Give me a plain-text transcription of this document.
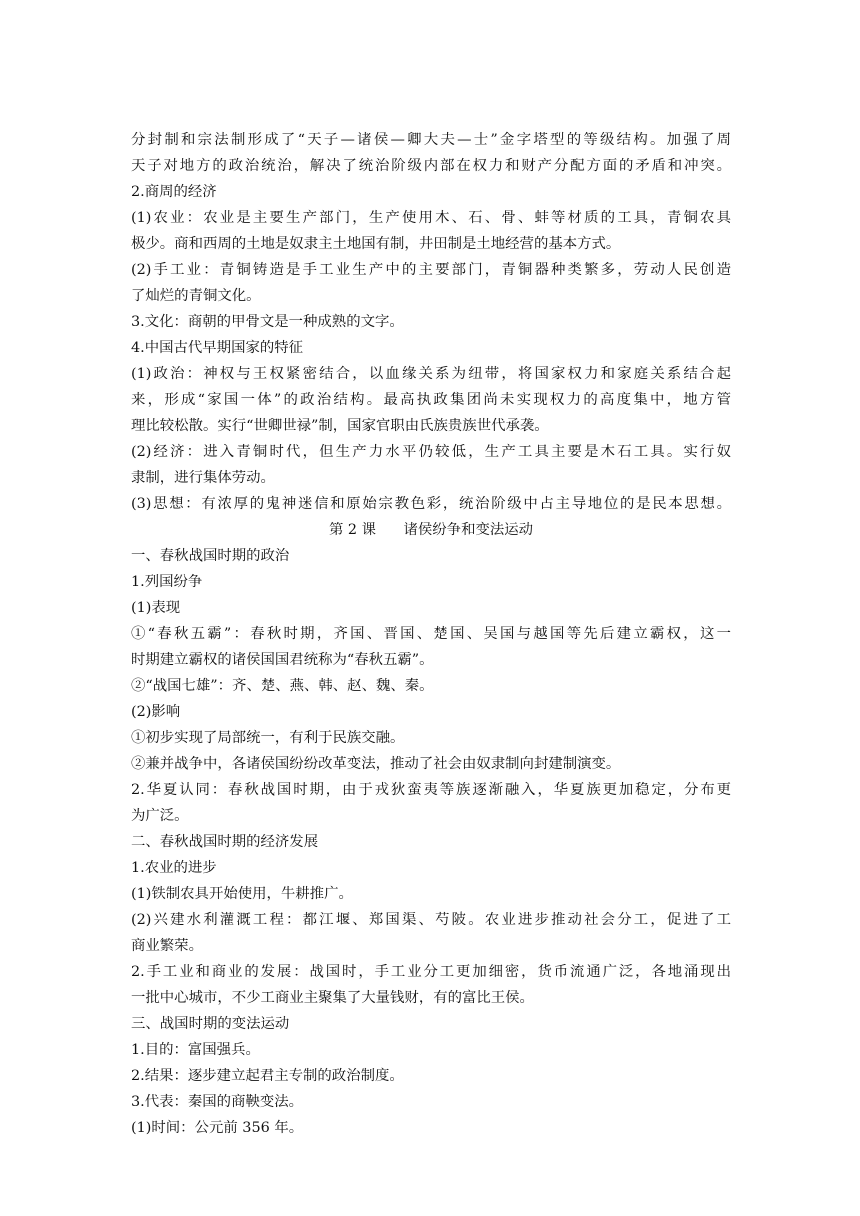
分封制和宗法制形成了“天子—诸侯—卿大夫—士”金字塔型的等级结构。加强了周
天子对地方的政治统治，解决了统治阶级内部在权力和财产分配方面的矛盾和冲突。
2.商周的经济
(1)农业：农业是主要生产部门，生产使用木、石、骨、蚌等材质的工具，青铜农具
极少。商和西周的土地是奴隶主土地国有制，井田制是土地经营的基本方式。
(2)手工业：青铜铸造是手工业生产中的主要部门，青铜器种类繁多，劳动人民创造
了灿烂的青铜文化。
3.文化：商朝的甲骨文是一种成熟的文字。
4.中国古代早期国家的特征
(1)政治：神权与王权紧密结合，以血缘关系为纽带，将国家权力和家庭关系结合起
来，形成“家国一体”的政治结构。最高执政集团尚未实现权力的高度集中，地方管
理比较松散。实行“世卿世禄”制，国家官职由氏族贵族世代承袭。
(2)经济：进入青铜时代，但生产力水平仍较低，生产工具主要是木石工具。实行奴
隶制，进行集体劳动。
(3)思想：有浓厚的鬼神迷信和原始宗教色彩，统治阶级中占主导地位的是民本思想。
第 2 课      诸侯纷争和变法运动
一、春秋战国时期的政治
1.列国纷争
(1)表现
①“春秋五霸”：春秋时期，齐国、晋国、楚国、吴国与越国等先后建立霸权，这一
时期建立霸权的诸侯国国君统称为“春秋五霸”。
②“战国七雄”：齐、楚、燕、韩、赵、魏、秦。
(2)影响
①初步实现了局部统一，有利于民族交融。
②兼并战争中，各诸侯国纷纷改革变法，推动了社会由奴隶制向封建制演变。
2.华夏认同：春秋战国时期，由于戎狄蛮夷等族逐渐融入，华夏族更加稳定，分布更
为广泛。
二、春秋战国时期的经济发展
1.农业的进步
(1)铁制农具开始使用，牛耕推广。
(2)兴建水利灌溉工程：都江堰、郑国渠、芍陂。农业进步推动社会分工，促进了工
商业繁荣。
2.手工业和商业的发展：战国时，手工业分工更加细密，货币流通广泛，各地涌现出
一批中心城市，不少工商业主聚集了大量钱财，有的富比王侯。
三、战国时期的变法运动
1.目的：富国强兵。
2.结果：逐步建立起君主专制的政治制度。
3.代表：秦国的商鞅变法。
(1)时间：公元前 356 年。
